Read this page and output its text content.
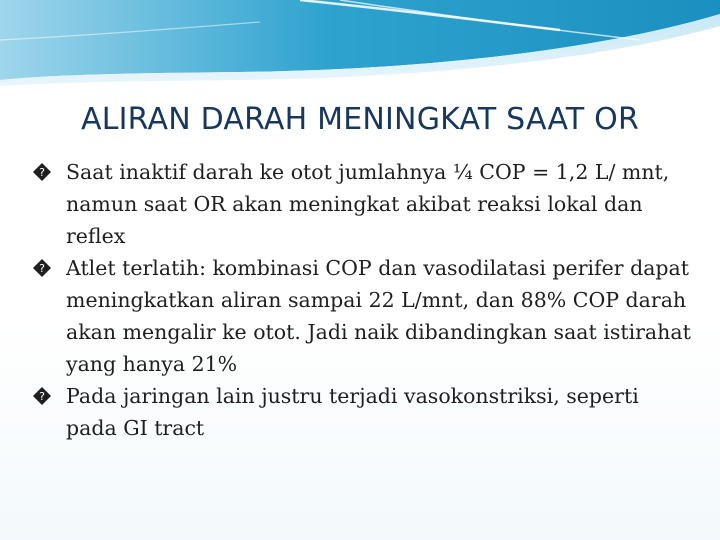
ALIRAN DARAH MENINGKAT SAAT OR
? Saat inaktif darah ke otot jumlahnya ¼ COP = 1,2 L/ mnt, namun saat OR akan meningkat akibat reaksi lokal dan reflex
? Atlet terlatih: kombinasi COP dan vasodilatasi perifer dapat meningkatkan aliran sampai 22 L/mnt, dan 88% COP darah akan mengalir ke otot. Jadi naik dibandingkan saat istirahat yang hanya 21%
? Pada jaringan lain justru terjadi vasokonstriksi, seperti pada GI tract
